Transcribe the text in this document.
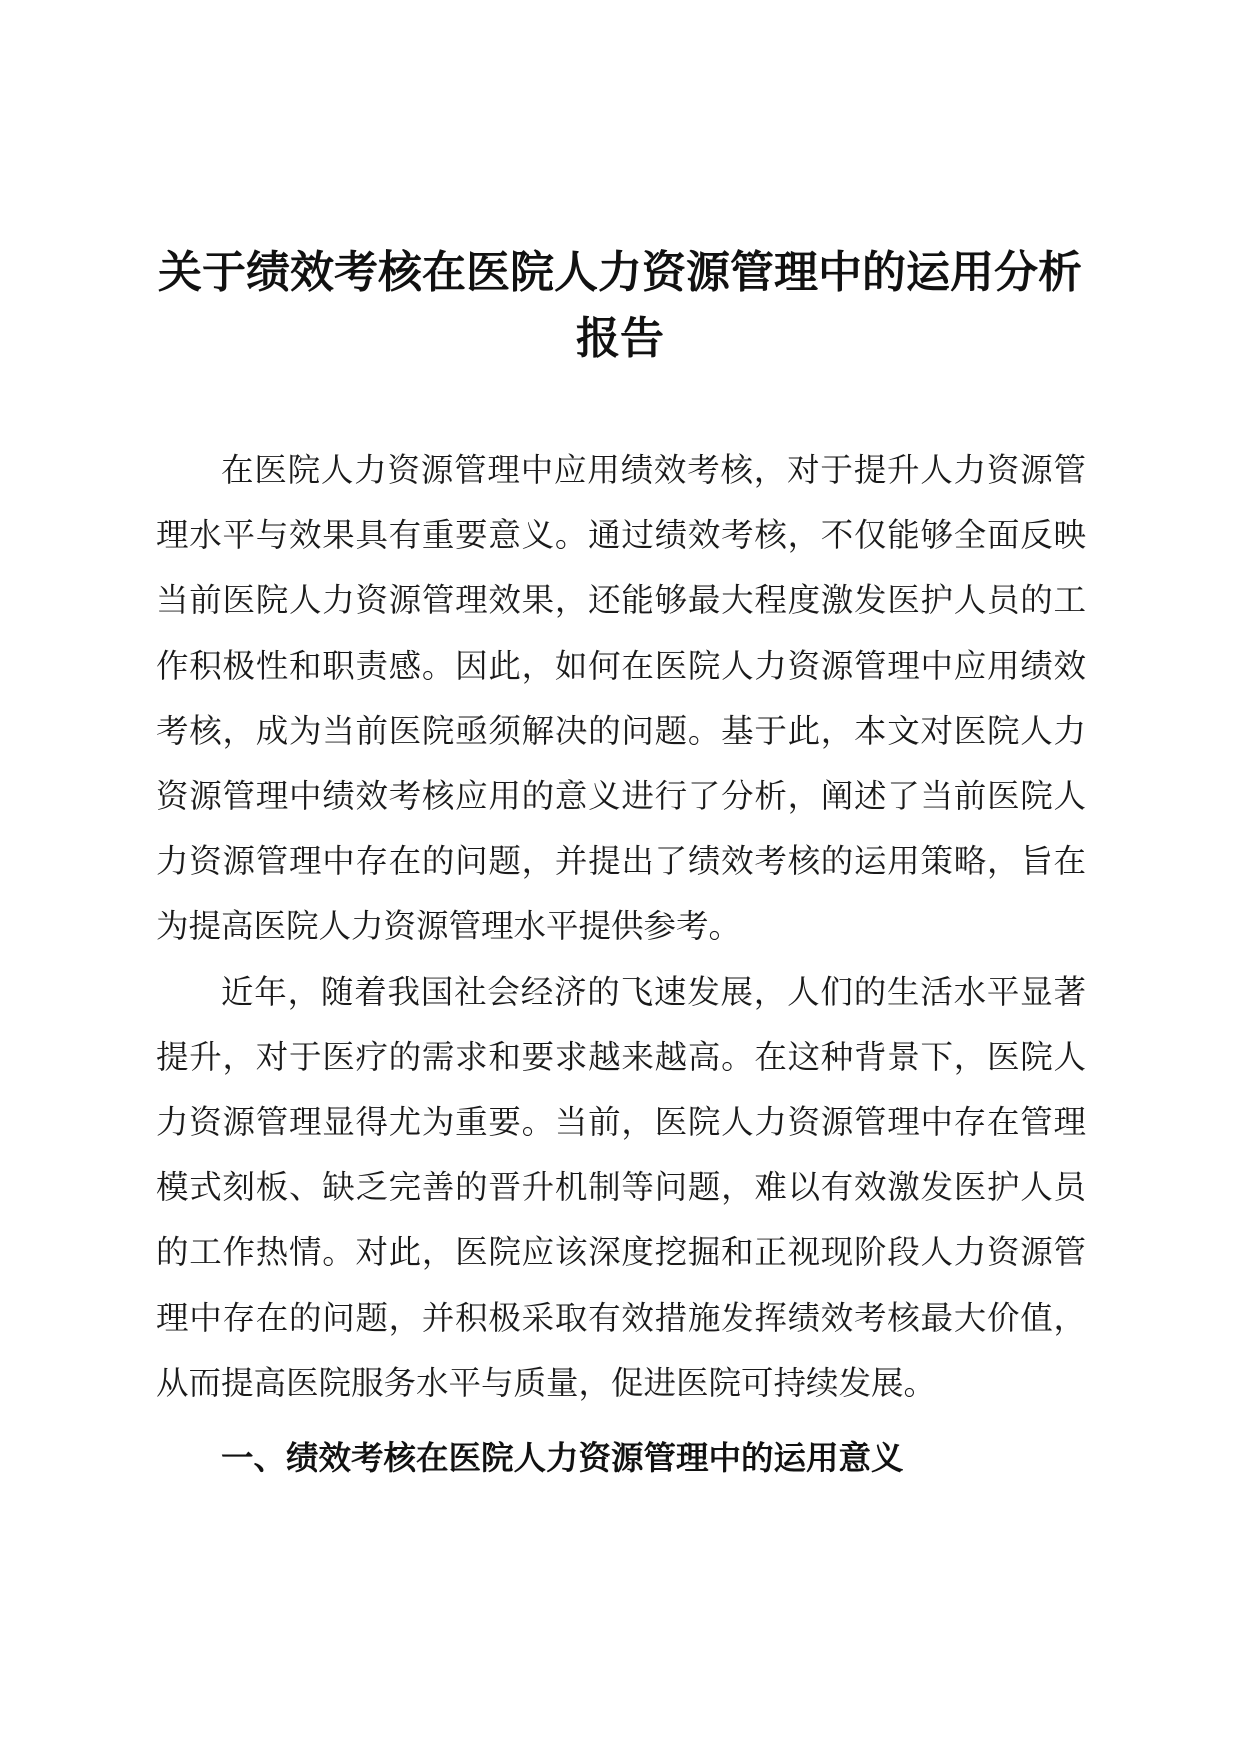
关于绩效考核在医院人力资源管理中的运用分析报告

在医院人力资源管理中应用绩效考核，对于提升人力资源管理水平与效果具有重要意义。通过绩效考核，不仅能够全面反映当前医院人力资源管理效果，还能够最大程度激发医护人员的工作积极性和职责感。因此，如何在医院人力资源管理中应用绩效考核，成为当前医院亟须解决的问题。基于此，本文对医院人力资源管理中绩效考核应用的意义进行了分析，阐述了当前医院人力资源管理中存在的问题，并提出了绩效考核的运用策略，旨在为提高医院人力资源管理水平提供参考。

近年，随着我国社会经济的飞速发展，人们的生活水平显著提升，对于医疗的需求和要求越来越高。在这种背景下，医院人力资源管理显得尤为重要。当前，医院人力资源管理中存在管理模式刻板、缺乏完善的晋升机制等问题，难以有效激发医护人员的工作热情。对此，医院应该深度挖掘和正视现阶段人力资源管理中存在的问题，并积极采取有效措施发挥绩效考核最大价值，从而提高医院服务水平与质量，促进医院可持续发展。

一、绩效考核在医院人力资源管理中的运用意义
